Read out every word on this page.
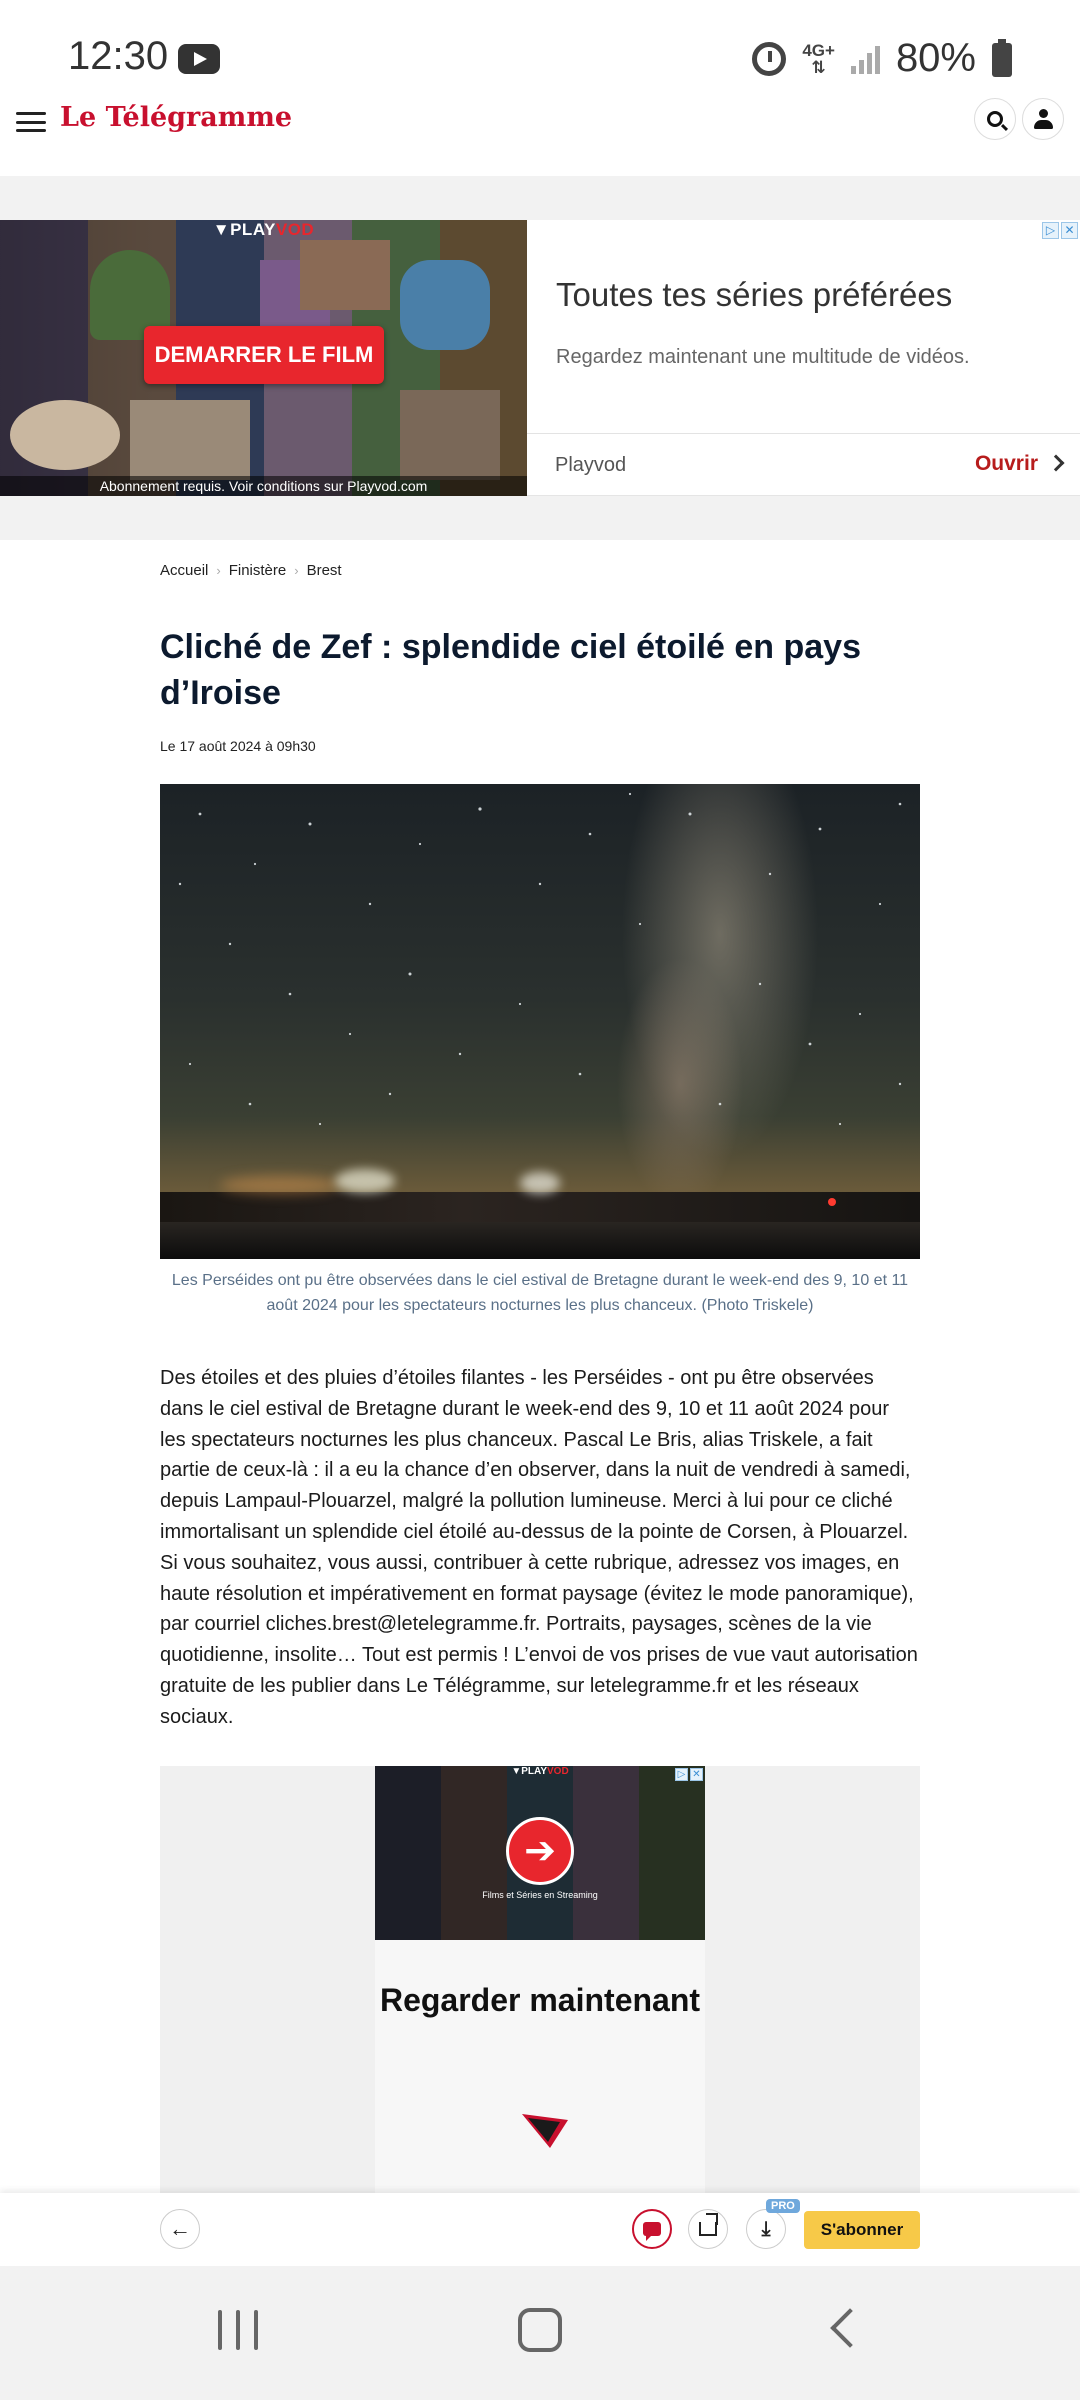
12:30	4G+
⇅ 80%
Le Télégramme
▼PLAYVOD
DEMARRER LE FILM
Abonnement requis. Voir conditions sur Playvod.com
▷ ✕
Toutes tes séries préférées
Regardez maintenant une multitude de vidéos.
Playvod	Ouvrir
Accueil › Finistère › Brest
Cliché de Zef : splendide ciel étoilé en pays d’Iroise
Le 17 août 2024 à 09h30
Les Perséides ont pu être observées dans le ciel estival de Bretagne durant le week-end des 9, 10 et 11 août 2024 pour les spectateurs nocturnes les plus chanceux. (Photo Triskele)
Des étoiles et des pluies d’étoiles filantes - les Perséides - ont pu être observées dans le ciel estival de Bretagne durant le week-end des 9, 10 et 11 août 2024 pour les spectateurs nocturnes les plus chanceux. Pascal Le Bris, alias Triskele, a fait partie de ceux-là : il a eu la chance d’en observer, dans la nuit de vendredi à samedi, depuis Lampaul-Plouarzel, malgré la pollution lumineuse. Merci à lui pour ce cliché immortalisant un splendide ciel étoilé au-dessus de la pointe de Corsen, à Plouarzel. Si vous souhaitez, vous aussi, contribuer à cette rubrique, adressez vos images, en haute résolution et impérativement en format paysage (évitez le mode panoramique), par courriel cliches.brest@letelegramme.fr. Portraits, paysages, scènes de la vie quotidienne, insolite… Tout est permis ! L’envoi de vos prises de vue vaut autorisation gratuite de les publier dans Le Télégramme, sur letelegramme.fr et les réseaux sociaux.
▼PLAYVOD	▷ ✕
➔
Films et Séries en Streaming
Regarder maintenant
←	⤓
PRO
S'abonner
